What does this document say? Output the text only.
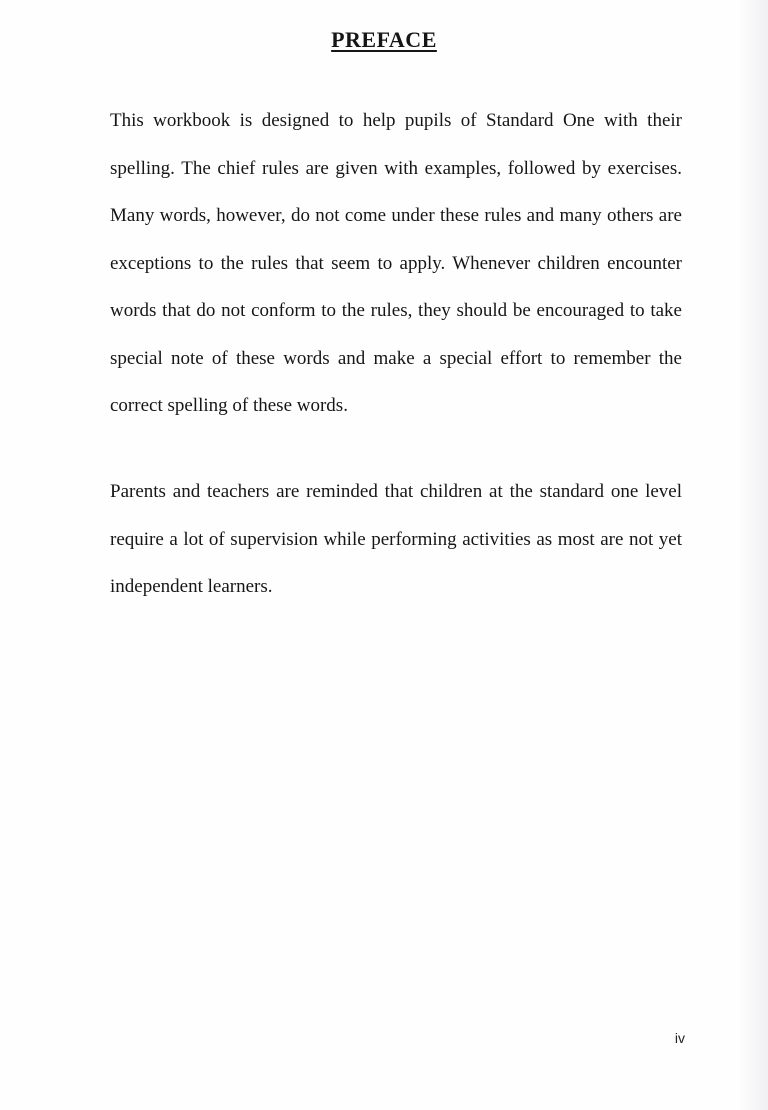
PREFACE

This workbook is designed to help pupils of Standard One with their spelling. The chief rules are given with examples, followed by exercises. Many words, however, do not come under these rules and many others are exceptions to the rules that seem to apply. Whenever children encounter words that do not conform to the rules, they should be encouraged to take special note of these words and make a special effort to remember the correct spelling of these words.

Parents and teachers are reminded that children at the standard one level require a lot of supervision while performing activities as most are not yet independent learners.

iv
